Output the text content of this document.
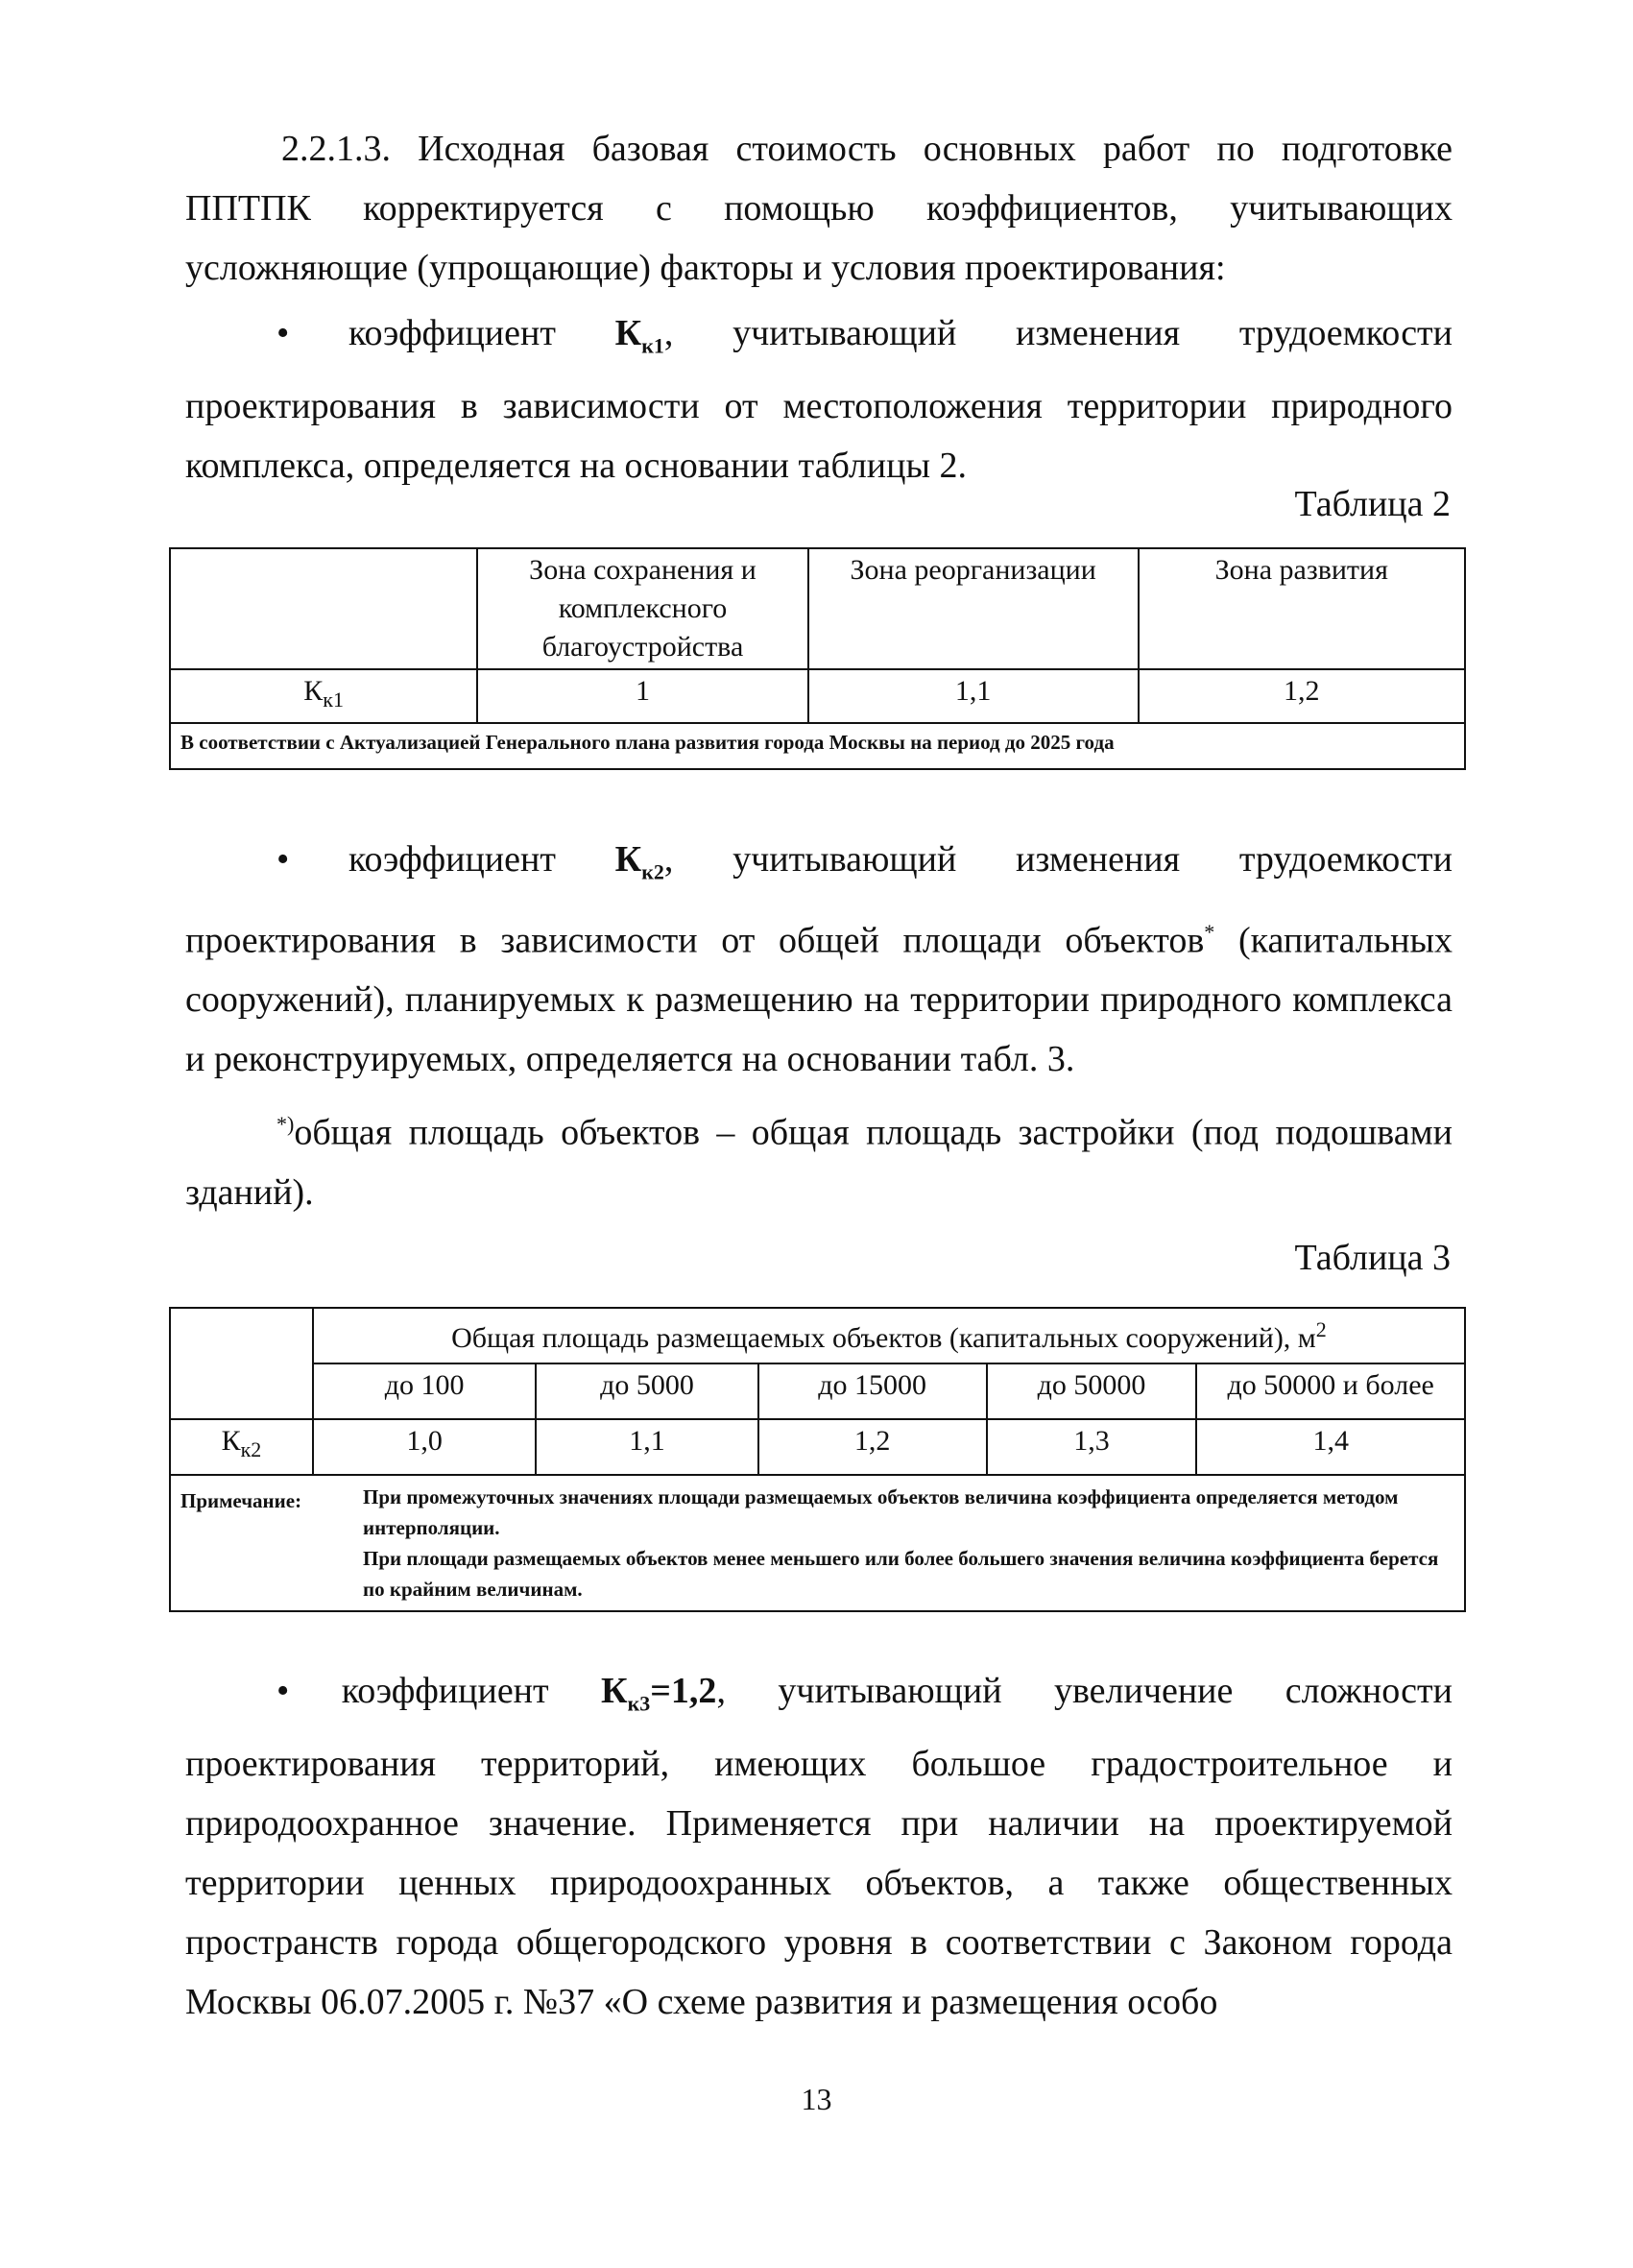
2.2.1.3. Исходная базовая стоимость основных работ по подготовке ППТПК корректируется с помощью коэффициентов, учитывающих усложняющие (упрощающие) факторы и условия проектирования:

• коэффициент $К_{к1}$, учитывающий изменения трудоемкости проектирования в зависимости от местоположения территории природного комплекса, определяется на основании таблицы 2.

Таблица 2
	Зона сохранения и комплексного благоустройства	Зона реорганизации	Зона развития
$К_{к1}$	1	1,1	1,2
В соответствии с Актуализацией Генерального плана развития города Москвы на период до 2025 года			

• коэффициент $К_{к2}$, учитывающий изменения трудоемкости проектирования в зависимости от общей площади объектов* (капитальных сооружений), планируемых к размещению на территории природного комплекса и реконструируемых, определяется на основании табл. 3.

*)общая площадь объектов – общая площадь застройки (под подошвами зданий).

Таблица 3
	Общая площадь размещаемых объектов (капитальных сооружений), $м^2$
	до 100	до 5000	до 15000	до 50000	до 50000 и более
$К_{к2}$	1,0	1,1	1,2	1,3	1,4
Примечание:	При промежуточных значениях площади размещаемых объектов величина коэффициента определяется методом интерполяции.
При площади размещаемых объектов менее меньшего или более большего значения величина коэффициента берется по крайним величинам.

• коэффициент $К_{к3}=1,2$, учитывающий увеличение сложности проектирования территорий, имеющих большое градостроительное и природоохранное значение. Применяется при наличии на проектируемой территории ценных природоохранных объектов, а также общественных пространств города общегородского уровня в соответствии с Законом города Москвы 06.07.2005 г. №37 «О схеме развития и размещения особо

13
